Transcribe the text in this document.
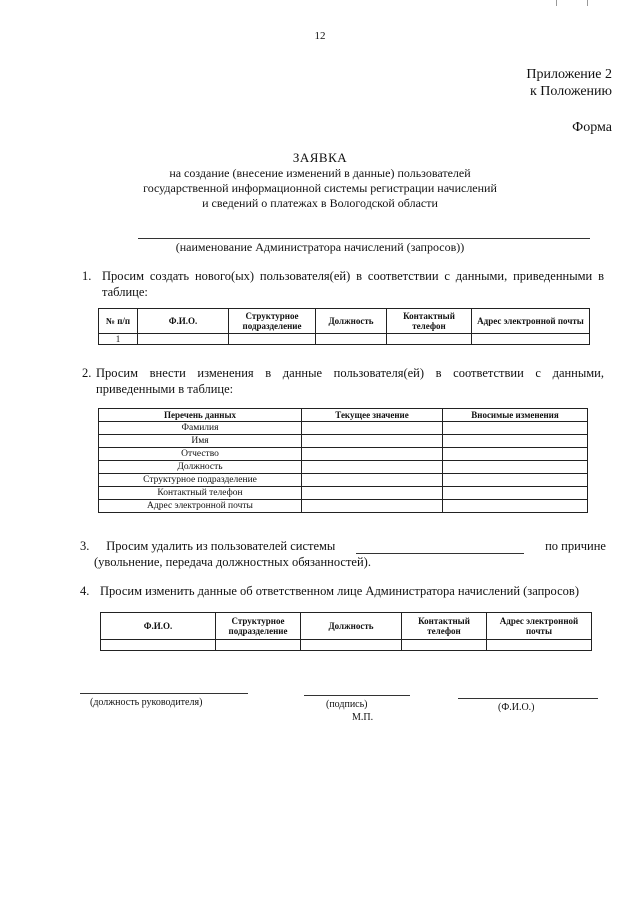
12
Приложение 2
к Положению
Форма
ЗАЯВКА
на создание (внесение изменений в данные) пользователей
государственной информационной системы регистрации начислений
и сведений о платежах в Вологодской области
(наименование Администратора начислений (запросов))
1. Просим создать нового(ых) пользователя(ей) в соответствии с данными, приведенными в таблице:
№ п/п	Ф.И.О.	Структурное подразделение	Должность	Контактный телефон	Адрес электронной почты
1					
2. Просим внести изменения в данные пользователя(ей) в соответствии с данными, приведенными в таблице:
Перечень данных	Текущее значение	Вносимые изменения
Фамилия		
Имя		
Отчество		
Должность		
Структурное подразделение		
Контактный телефон		
Адрес электронной почты		
3. Просим удалить из пользователей системы	по причине
(увольнение, передача должностных обязанностей).
4. Просим изменить данные об ответственном лице Администратора начислений (запросов)
Ф.И.О.	Структурное подразделение	Должность	Контактный телефон	Адрес электронной почты

(должность руководителя)	(подпись)	(Ф.И.О.)
М.П.
